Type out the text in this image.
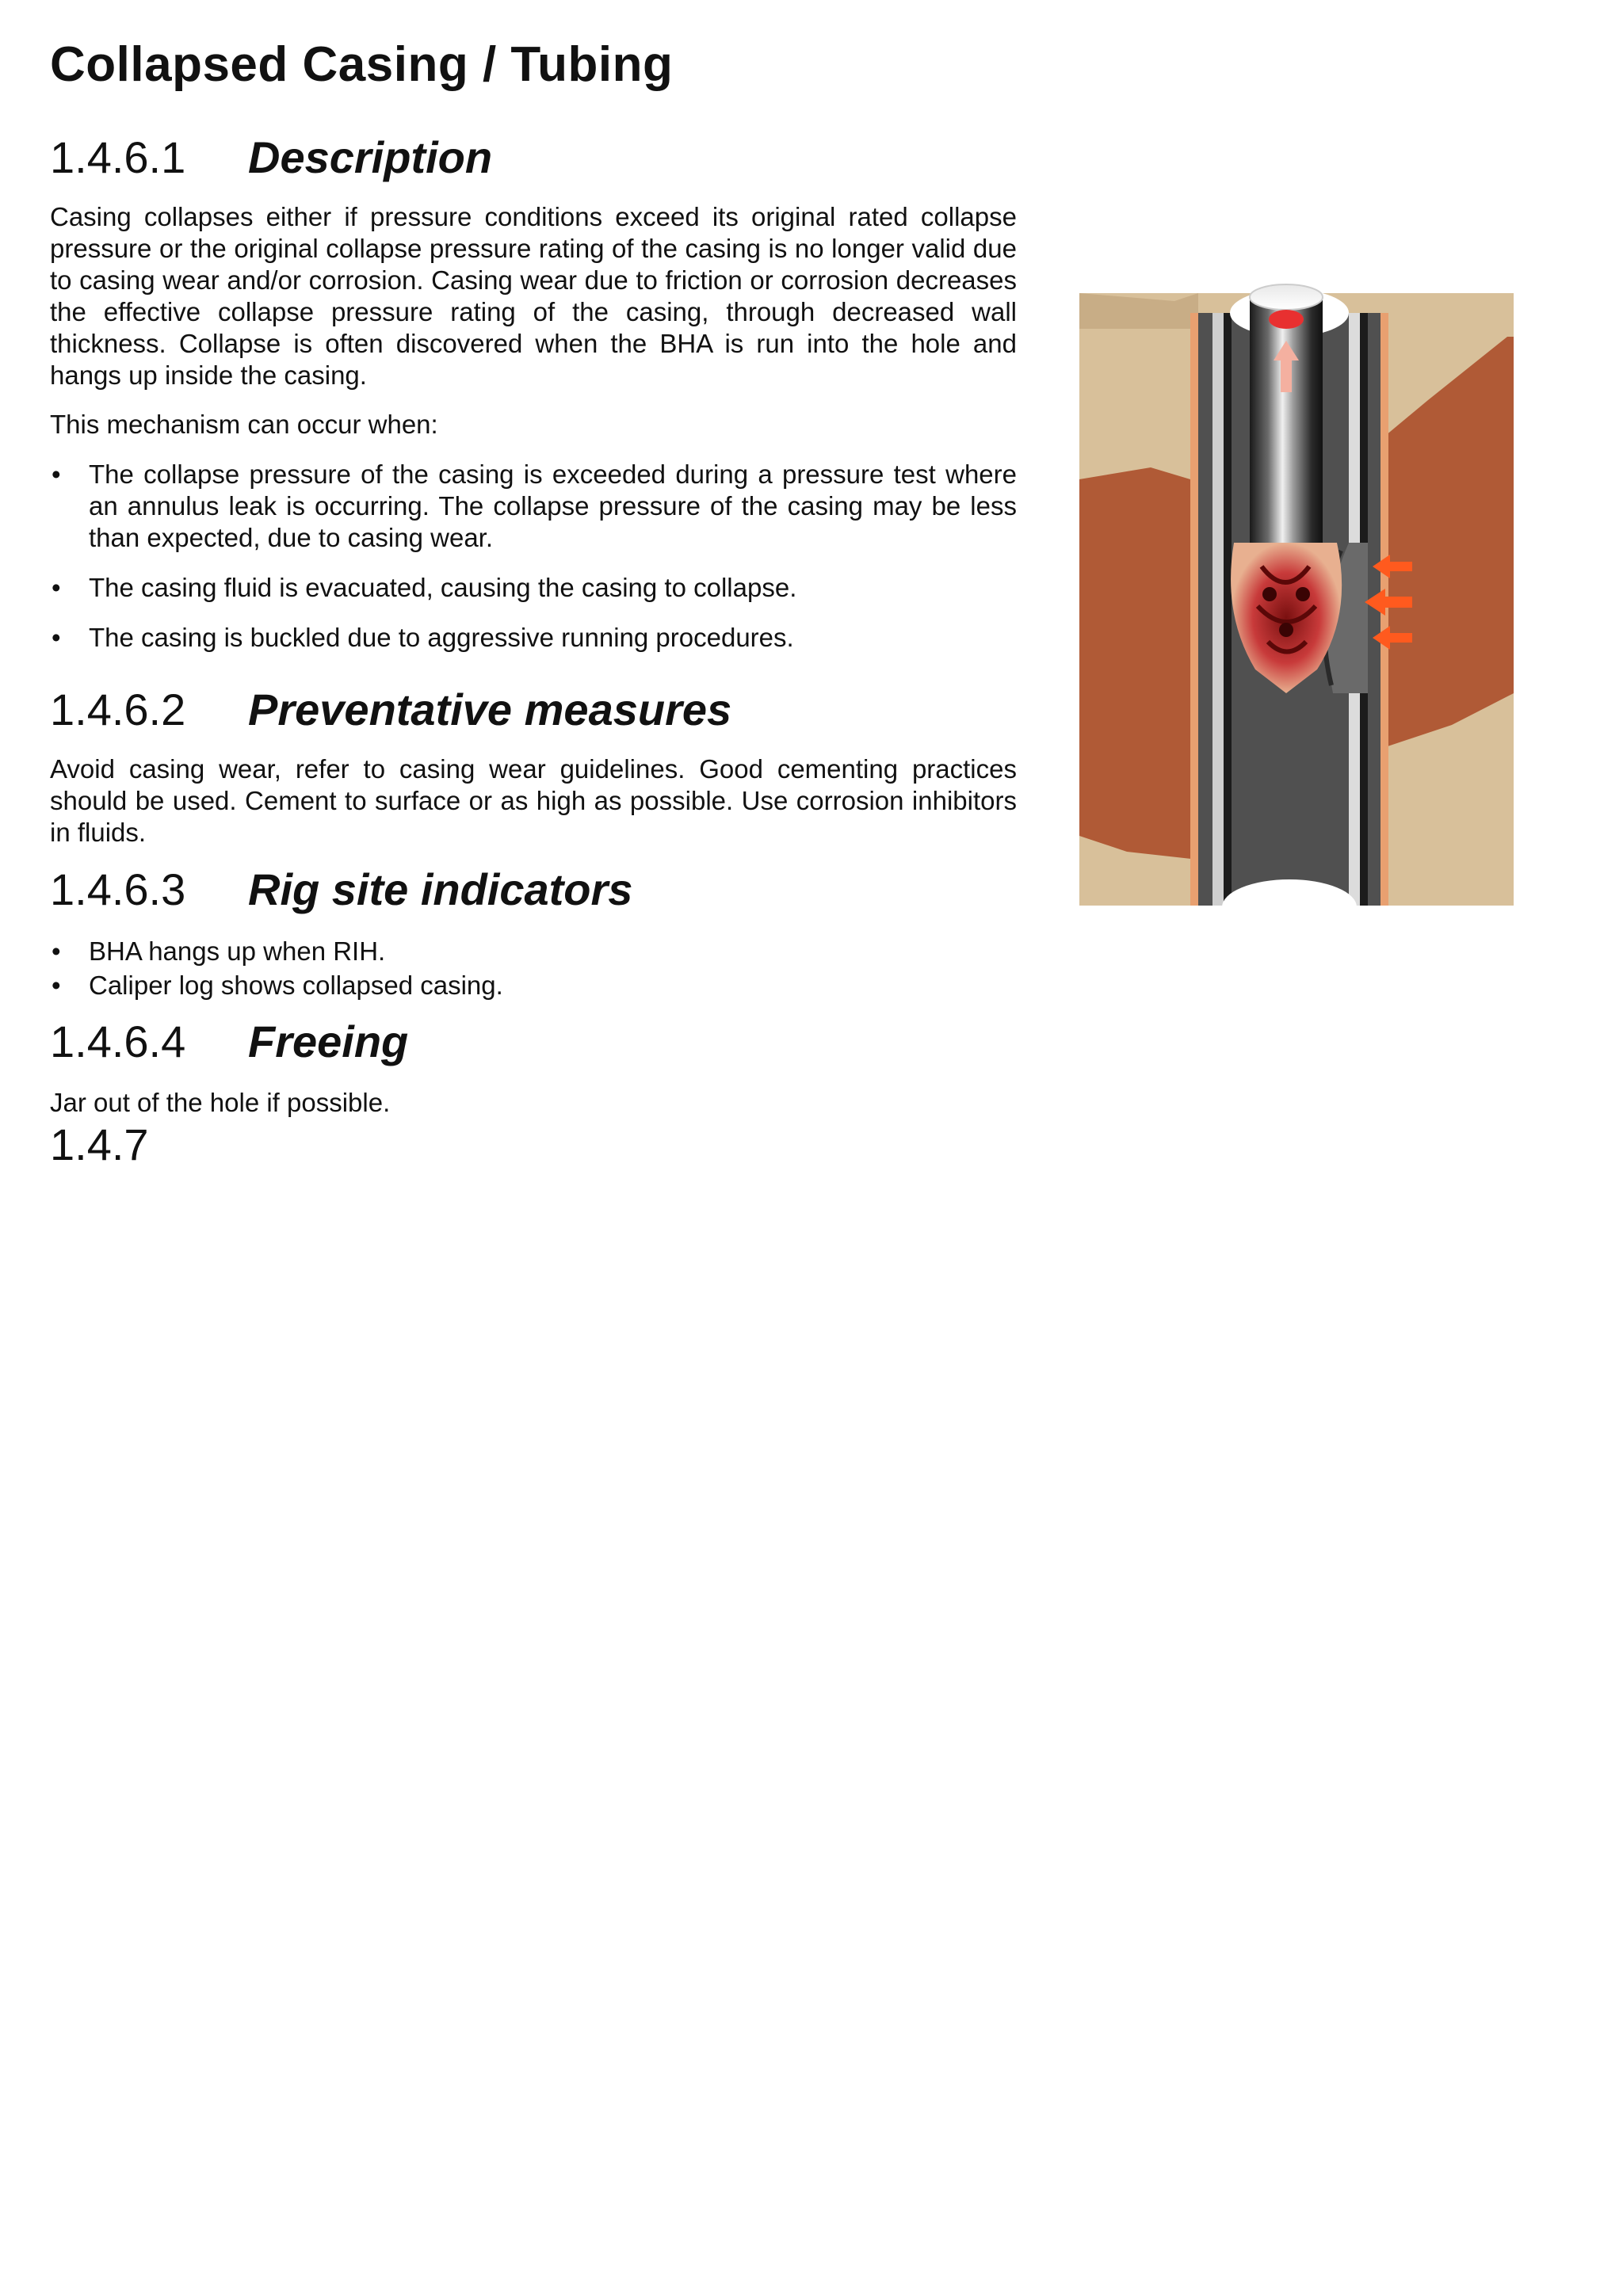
Collapsed Casing / Tubing
1.4.6.1 Description

Casing collapses either if pressure conditions exceed its original rated collapse pressure or the original collapse pressure rating of the casing is no longer valid due to casing wear and/or corrosion. Casing wear due to friction or corrosion decreases the effective collapse pressure rating of the casing, through decreased wall thickness. Collapse is often discovered when the BHA is run into the hole and hangs up inside the casing.

This mechanism can occur when:

• The collapse pressure of the casing is exceeded during a pressure test where an annulus leak is occurring. The collapse pressure of the casing may be less than expected, due to casing wear.
• The casing fluid is evacuated, causing the casing to collapse.
• The casing is buckled due to aggressive running procedures.
1.4.6.2 Preventative measures

Avoid casing wear, refer to casing wear guidelines. Good cementing practices should be used. Cement to surface or as high as possible. Use corrosion inhibitors in fluids.

1.4.6.3 Rig site indicators
• BHA hangs up when RIH.
• Caliper log shows collapsed casing.
1.4.6.4 Freeing

Jar out of the hole if possible.

1.4.7
